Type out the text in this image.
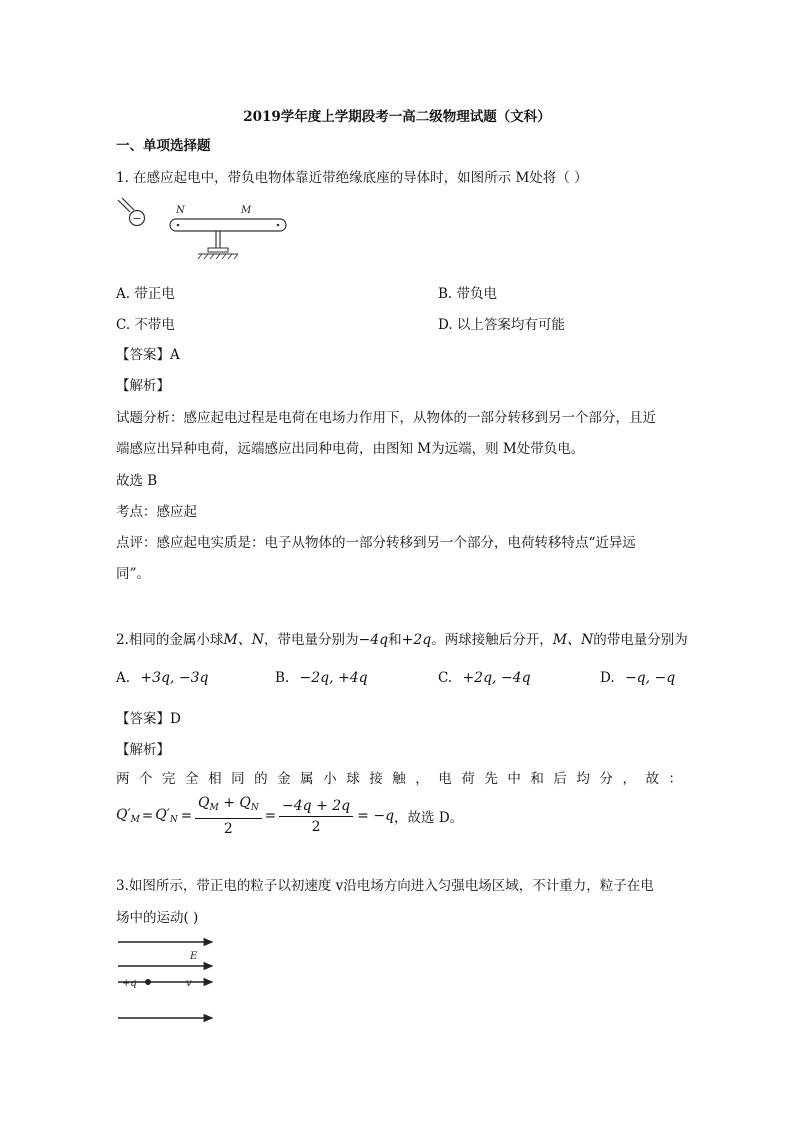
2019学年度上学期段考一高二级物理试题（文科）
一、单项选择题
1. 在感应起电中，带负电物体靠近带绝缘底座的导体时，如图所示 M处将（ ）
−
N	M
A. 带正电	B. 带负电
C. 不带电	D. 以上答案均有可能
【答案】A
【解析】
试题分析：感应起电过程是电荷在电场力作用下，从物体的一部分转移到另一个部分，且近
端感应出异种电荷，远端感应出同种电荷，由图知 M为远端，则 M处带负电。
故选 B
考点：感应起
点评：感应起电实质是：电子从物体的一部分转移到另一个部分，电荷转移特点“近异远
同”。
2.相同的金属小球M、N，带电量分别为−4q和+2q。两球接触后分开，M、N的带电量分别为
A. +3q, −3q	B. −2q, +4q	C. +2q, −4q	D. −q, −q
【答案】D
【解析】
两个完全相同的金属小球接触，电荷先中和后均分，故：
$Q'_M = Q'_N = \frac{Q_M + Q_N}{2} = \frac{-4q + 2q}{2} = -q$ ，故选 D。
3.如图所示，带正电的粒子以初速度 v沿电场方向进入匀强电场区域，不计重力，粒子在电
场中的运动( )
E
+q	v
